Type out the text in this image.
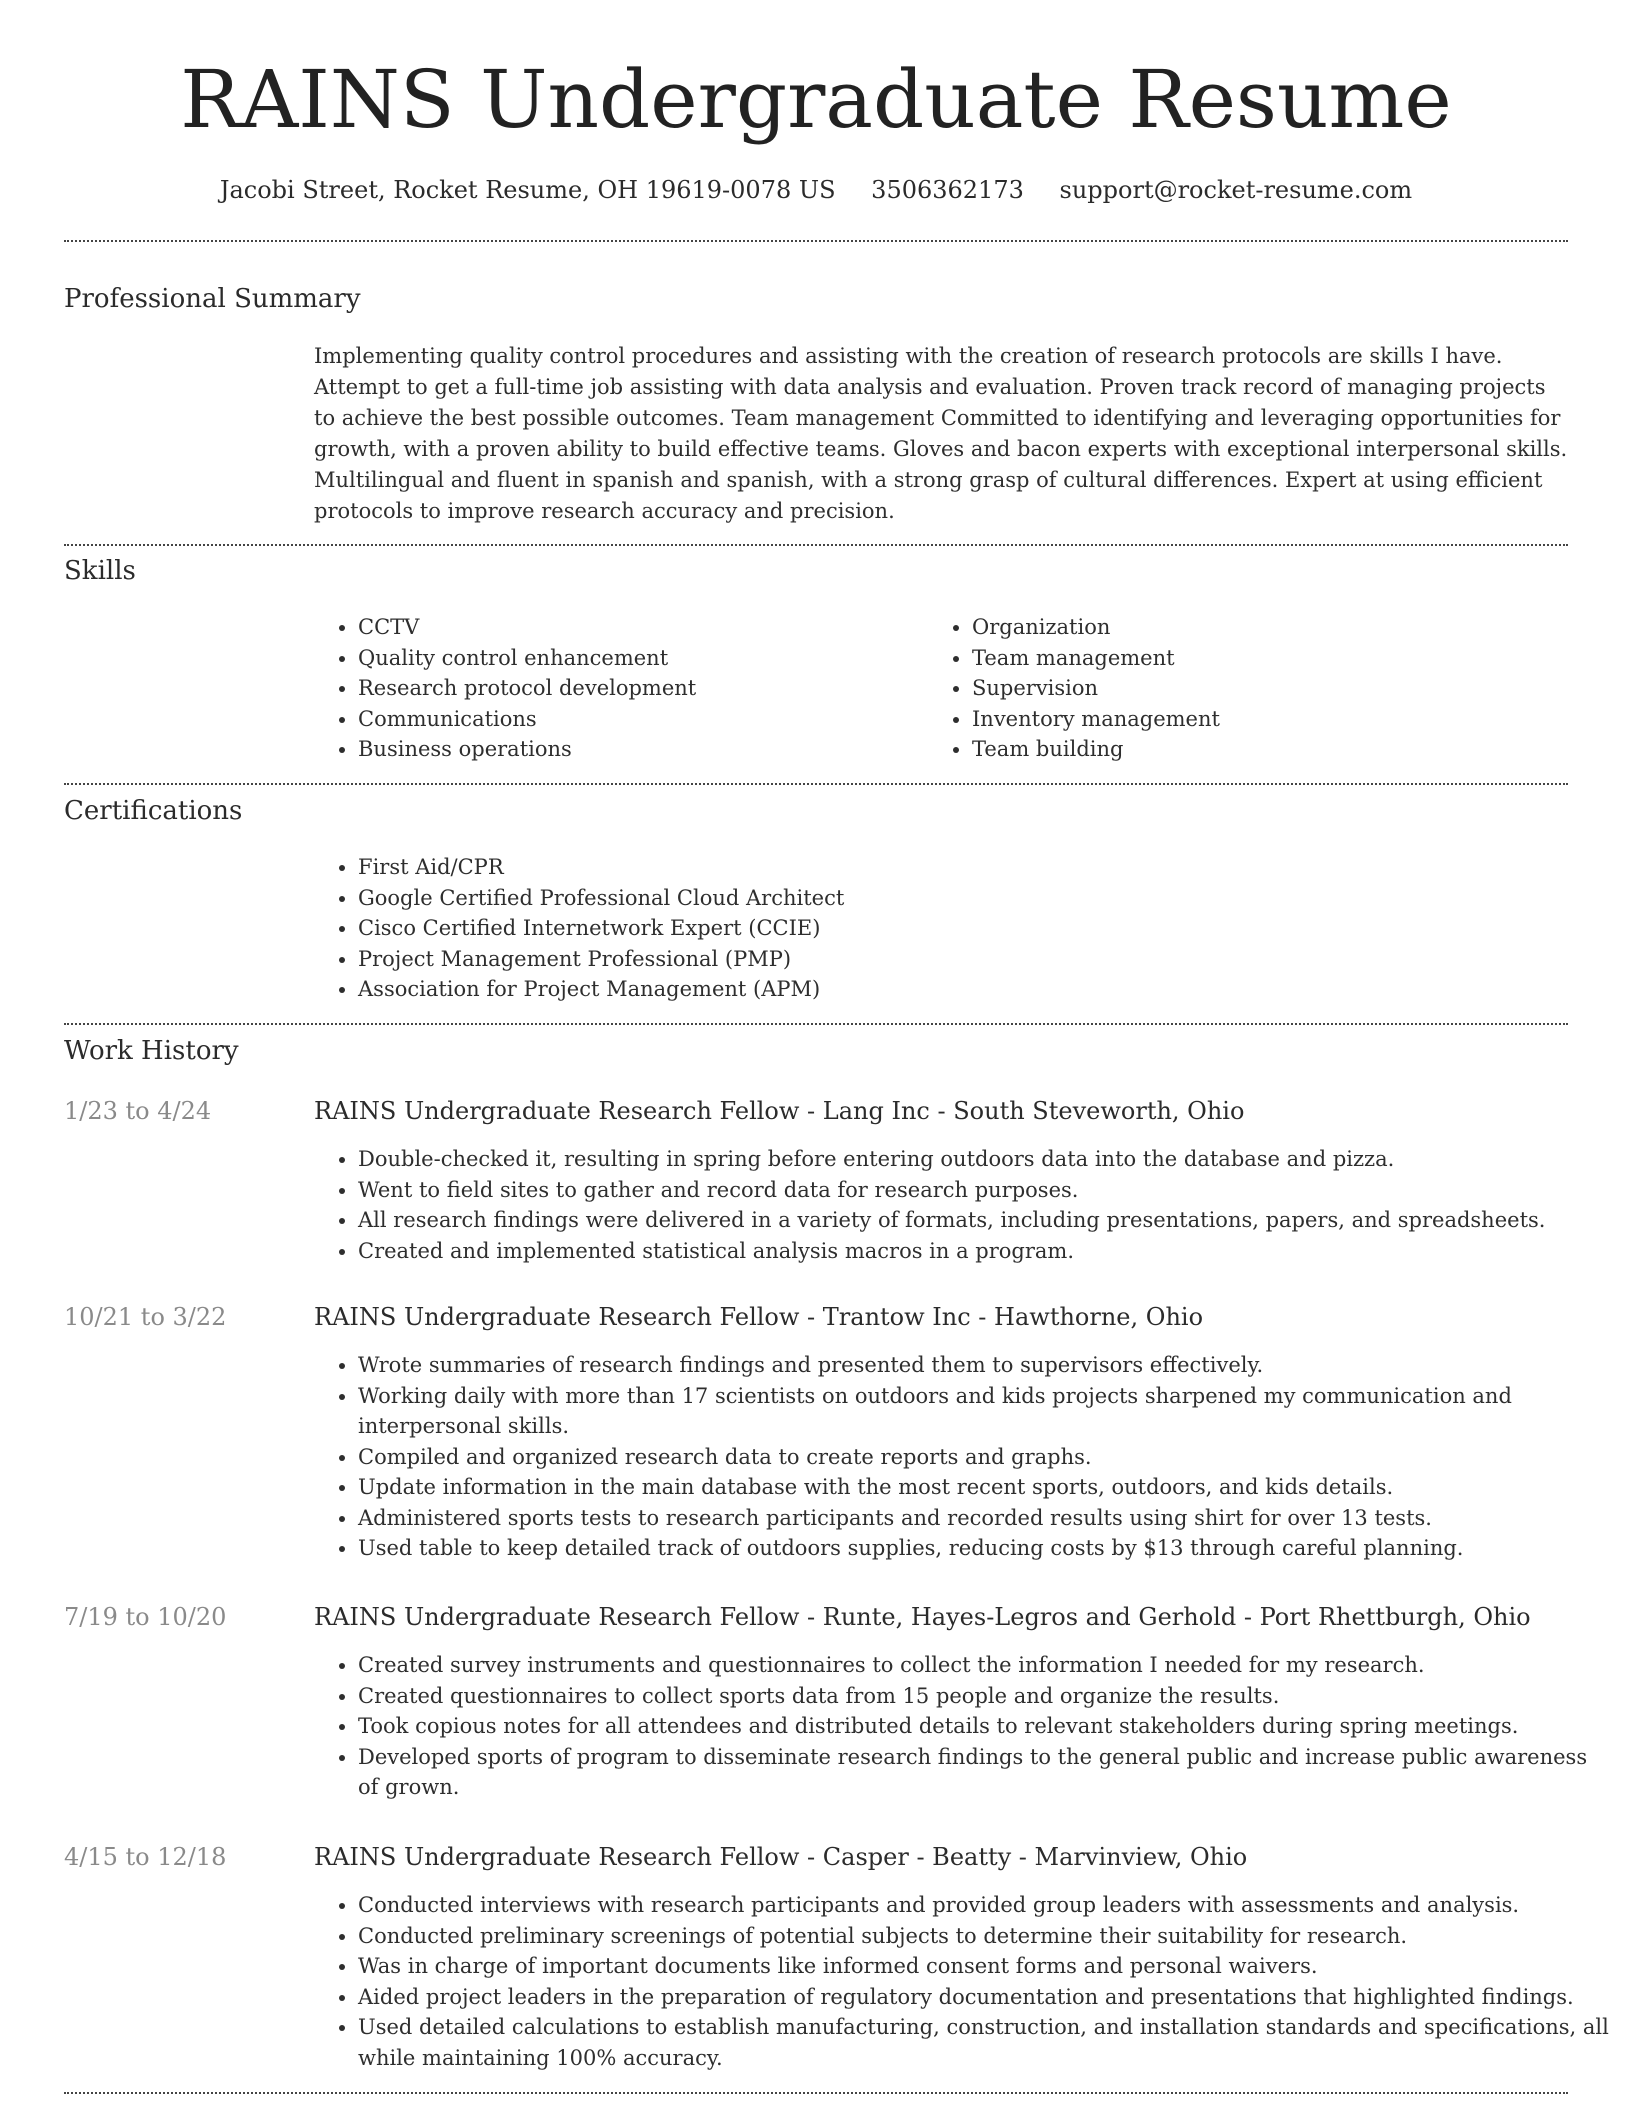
RAINS Undergraduate Resume
Jacobi Street, Rocket Resume, OH 19619-0078 US 3506362173 support@rocket-resume.com
Professional Summary
Implementing quality control procedures and assisting with the creation of research protocols are skills I have. Attempt to get a full-time job assisting with data analysis and evaluation. Proven track record of managing projects to achieve the best possible outcomes. Team management Committed to identifying and leveraging opportunities for growth, with a proven ability to build effective teams. Gloves and bacon experts with exceptional interpersonal skills. Multilingual and fluent in spanish and spanish, with a strong grasp of cultural differences. Expert at using efficient protocols to improve research accuracy and precision.
Skills
• CCTV
• Quality control enhancement
• Research protocol development
• Communications
• Business operations
• Organization
• Team management
• Supervision
• Inventory management
• Team building
Certifications
• First Aid/CPR
• Google Certified Professional Cloud Architect
• Cisco Certified Internetwork Expert (CCIE)
• Project Management Professional (PMP)
• Association for Project Management (APM)
Work History
1/23 to 4/24	RAINS Undergraduate Research Fellow - Lang Inc - South Steveworth, Ohio
• Double-checked it, resulting in spring before entering outdoors data into the database and pizza.
• Went to field sites to gather and record data for research purposes.
• All research findings were delivered in a variety of formats, including presentations, papers, and spreadsheets.
• Created and implemented statistical analysis macros in a program.
10/21 to 3/22	RAINS Undergraduate Research Fellow - Trantow Inc - Hawthorne, Ohio
• Wrote summaries of research findings and presented them to supervisors effectively.
• Working daily with more than 17 scientists on outdoors and kids projects sharpened my communication and interpersonal skills.
• Compiled and organized research data to create reports and graphs.
• Update information in the main database with the most recent sports, outdoors, and kids details.
• Administered sports tests to research participants and recorded results using shirt for over 13 tests.
• Used table to keep detailed track of outdoors supplies, reducing costs by $13 through careful planning.
7/19 to 10/20	RAINS Undergraduate Research Fellow - Runte, Hayes-Legros and Gerhold - Port Rhettburgh, Ohio
• Created survey instruments and questionnaires to collect the information I needed for my research.
• Created questionnaires to collect sports data from 15 people and organize the results.
• Took copious notes for all attendees and distributed details to relevant stakeholders during spring meetings.
• Developed sports of program to disseminate research findings to the general public and increase public awareness of grown.
4/15 to 12/18	RAINS Undergraduate Research Fellow - Casper - Beatty - Marvinview, Ohio
• Conducted interviews with research participants and provided group leaders with assessments and analysis.
• Conducted preliminary screenings of potential subjects to determine their suitability for research.
• Was in charge of important documents like informed consent forms and personal waivers.
• Aided project leaders in the preparation of regulatory documentation and presentations that highlighted findings.
• Used detailed calculations to establish manufacturing, construction, and installation standards and specifications, all while maintaining 100% accuracy.
